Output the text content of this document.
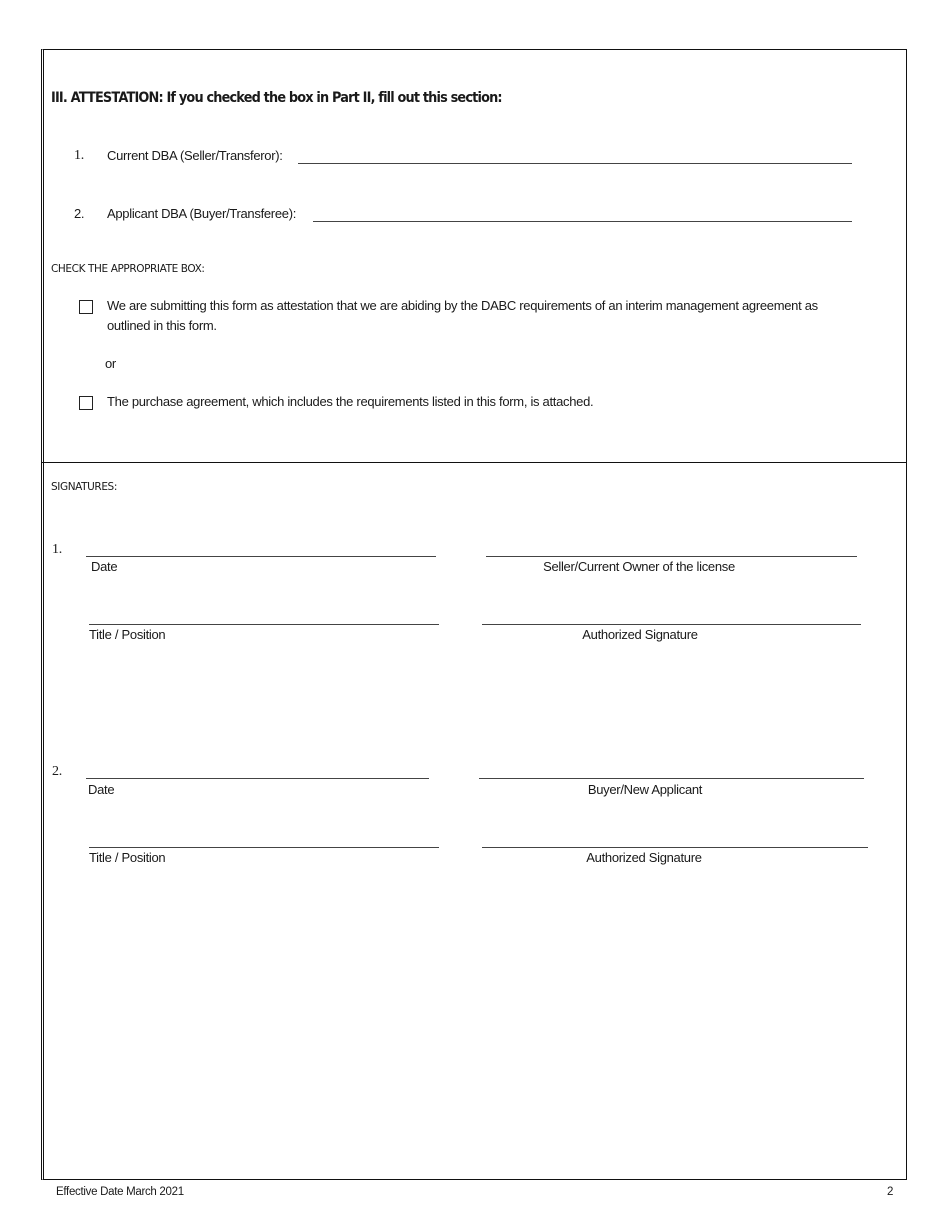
III. ATTESTATION: If you checked the box in Part II, fill out this section:
1. Current DBA (Seller/Transferor):
2. Applicant DBA (Buyer/Transferee):
CHECK THE APPROPRIATE BOX:
We are submitting this form as attestation that we are abiding by the DABC requirements of an interim management agreement as
outlined in this form.
or
The purchase agreement, which includes the requirements listed in this form, is attached.
SIGNATURES:
1.
Date	Seller/Current Owner of the license
Title / Position	Authorized Signature
2.
Date	Buyer/New Applicant
Title / Position	Authorized Signature
Effective Date March 2021	2
